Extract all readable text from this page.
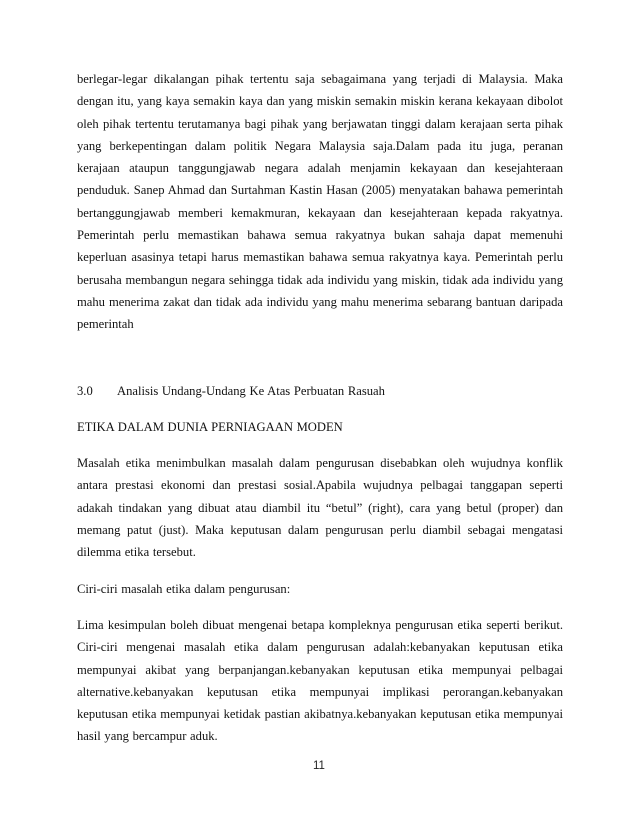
berlegar-legar dikalangan pihak tertentu saja sebagaimana yang terjadi di Malaysia. Maka dengan itu, yang kaya semakin kaya dan yang miskin semakin miskin kerana kekayaan dibolot oleh pihak tertentu terutamanya bagi pihak yang berjawatan tinggi dalam kerajaan serta pihak yang berkepentingan dalam politik Negara Malaysia saja.Dalam pada itu juga, peranan kerajaan ataupun tanggungjawab negara adalah menjamin kekayaan dan kesejahteraan penduduk. Sanep Ahmad dan Surtahman Kastin Hasan (2005) menyatakan bahawa pemerintah bertanggungjawab memberi kemakmuran, kekayaan dan kesejahteraan kepada rakyatnya. Pemerintah perlu memastikan bahawa semua rakyatnya bukan sahaja dapat memenuhi keperluan asasinya tetapi harus memastikan bahawa semua rakyatnya kaya. Pemerintah perlu berusaha membangun negara sehingga tidak ada individu yang miskin, tidak ada individu yang mahu menerima zakat dan tidak ada individu yang mahu menerima sebarang bantuan daripada pemerintah

3.0 Analisis Undang-Undang Ke Atas Perbuatan Rasuah

ETIKA DALAM DUNIA PERNIAGAAN MODEN

Masalah etika menimbulkan masalah dalam pengurusan disebabkan oleh wujudnya konflik antara prestasi ekonomi dan prestasi sosial.Apabila wujudnya pelbagai tanggapan seperti adakah tindakan yang dibuat atau diambil itu “betul” (right), cara yang betul (proper) dan memang patut (just). Maka keputusan dalam pengurusan perlu diambil sebagai mengatasi dilemma etika tersebut.

Ciri-ciri masalah etika dalam pengurusan:

Lima kesimpulan boleh dibuat mengenai betapa kompleknya pengurusan etika seperti berikut. Ciri-ciri mengenai masalah etika dalam pengurusan adalah:kebanyakan keputusan etika mempunyai akibat yang berpanjangan.kebanyakan keputusan etika mempunyai pelbagai alternative.kebanyakan keputusan etika mempunyai implikasi perorangan.kebanyakan keputusan etika mempunyai ketidak pastian akibatnya.kebanyakan keputusan etika mempunyai hasil yang bercampur aduk.

11
